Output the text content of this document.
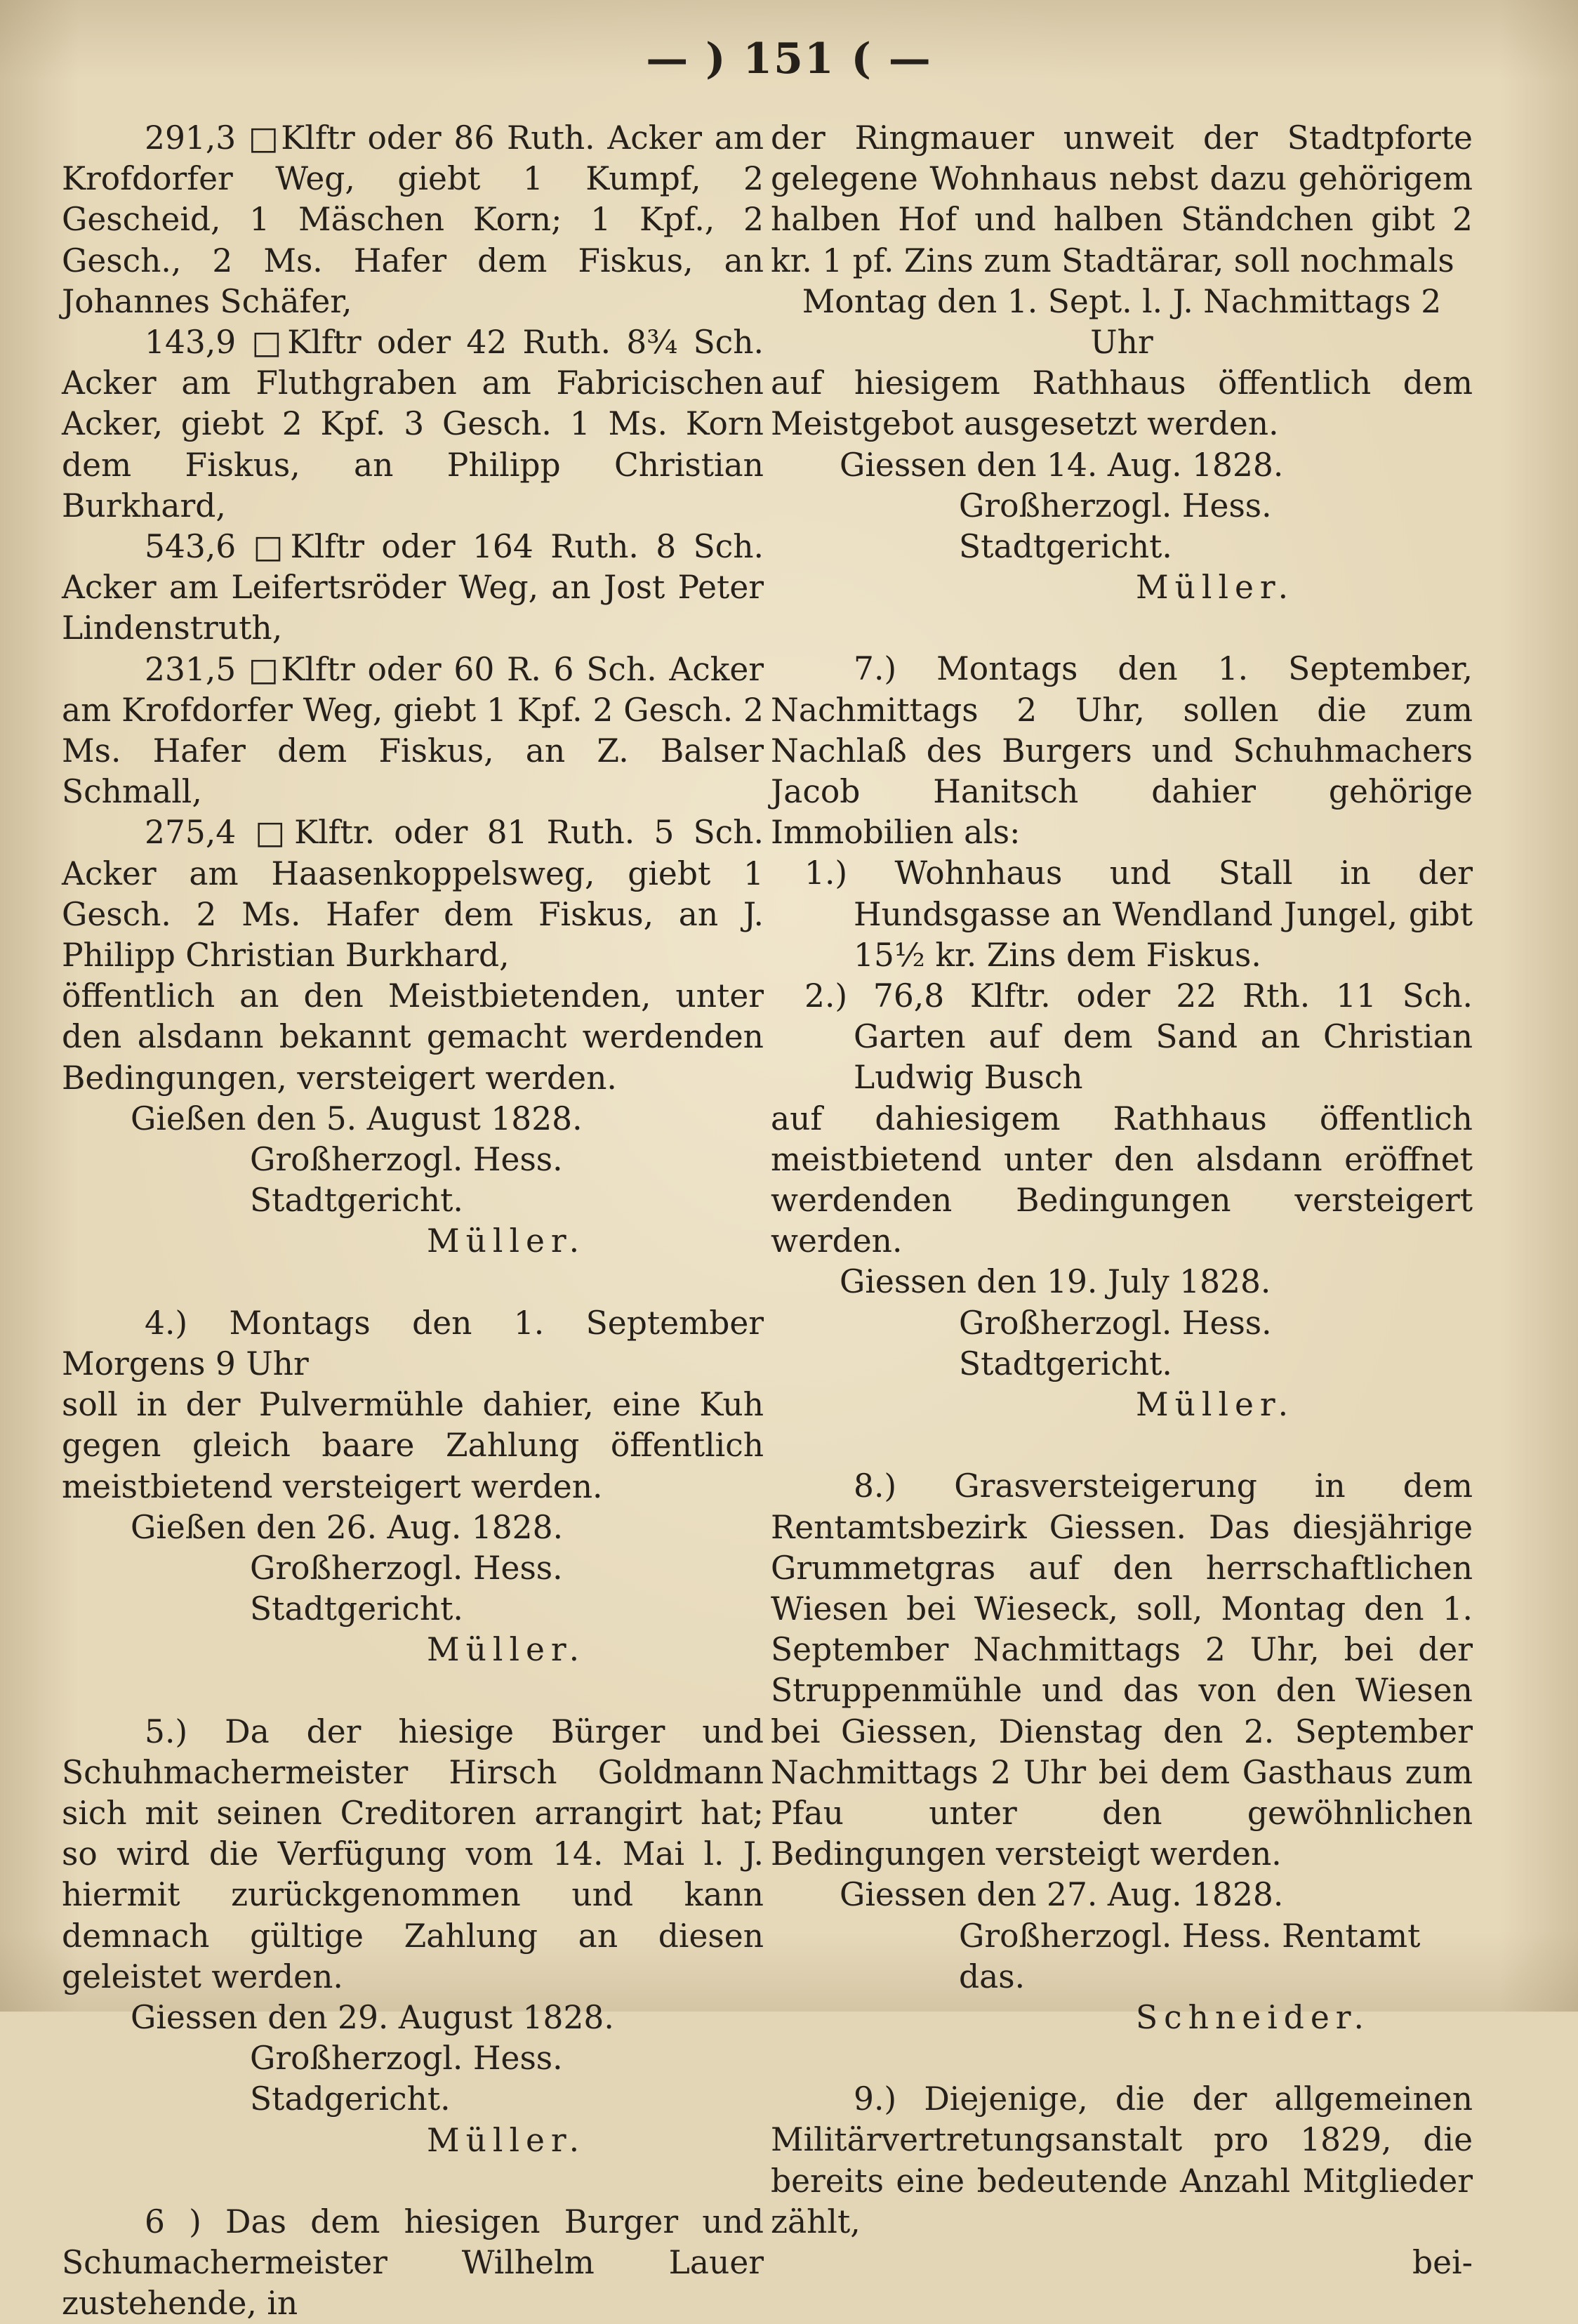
— ) 151 ( —

291,3 □Klftr oder 86 Ruth. Acker am Krofdorfer Weg, giebt 1 Kumpf, 2 Gescheid, 1 Mäschen Korn; 1 Kpf., 2 Gesch., 2 Ms. Hafer dem Fiskus, an Johannes Schäfer,

143,9 □Klftr oder 42 Ruth. 8¾ Sch. Acker am Fluthgraben am Fabricischen Acker, giebt 2 Kpf. 3 Gesch. 1 Ms. Korn dem Fiskus, an Philipp Christian Burkhard,

543,6 □Klftr oder 164 Ruth. 8 Sch. Acker am Leifertsröder Weg, an Jost Peter Lindenstruth,

231,5 □Klftr oder 60 R. 6 Sch. Acker am Krofdorfer Weg, giebt 1 Kpf. 2 Gesch. 2 Ms. Hafer dem Fiskus, an Z. Balser Schmall,

275,4 □Klftr. oder 81 Ruth. 5 Sch. Acker am Haasenkoppelsweg, giebt 1 Gesch. 2 Ms. Hafer dem Fiskus, an J. Philipp Christian Burkhard,

öffentlich an den Meistbietenden, unter den alsdann bekannt gemacht werdenden Bedingungen, versteigert werden.

Gießen den 5. August 1828.

Großherzogl. Hess. Stadtgericht.

Müller.

4.) Montags den 1. September Morgens 9 Uhr

soll in der Pulvermühle dahier, eine Kuh gegen gleich baare Zahlung öffentlich meistbietend versteigert werden.

Gießen den 26. Aug. 1828.

Großherzogl. Hess. Stadtgericht.

Müller.

5.) Da der hiesige Bürger und Schuhmachermeister Hirsch Goldmann sich mit seinen Creditoren arrangirt hat; so wird die Verfügung vom 14. Mai l. J. hiermit zurückgenommen und kann demnach gültige Zahlung an diesen geleistet werden.

Giessen den 29. August 1828.

Großherzogl. Hess. Stadgericht.

Müller.

6 ) Das dem hiesigen Burger und Schumachermeister Wilhelm Lauer zustehende, in

der Ringmauer unweit der Stadtpforte gelegene Wohnhaus nebst dazu gehörigem halben Hof und halben Ständchen gibt 2 kr. 1 pf. Zins zum Stadtärar, soll nochmals

Montag den 1. Sept. l. J. Nachmittags 2 Uhr

auf hiesigem Rathhaus öffentlich dem Meistgebot ausgesetzt werden.

Giessen den 14. Aug. 1828.

Großherzogl. Hess. Stadtgericht.

Müller.

7.) Montags den 1. September, Nachmittags 2 Uhr, sollen die zum Nachlaß des Burgers und Schuhmachers Jacob Hanitsch dahier gehörige Immobilien als:

1.) Wohnhaus und Stall in der Hundsgasse an Wendland Jungel, gibt 15½ kr. Zins dem Fiskus.

2.) 76,8 Klftr. oder 22 Rth. 11 Sch. Garten auf dem Sand an Christian Ludwig Busch

auf dahiesigem Rathhaus öffentlich meistbietend unter den alsdann eröffnet werdenden Bedingungen versteigert werden.

Giessen den 19. July 1828.

Großherzogl. Hess. Stadtgericht.

Müller.

8.) Grasversteigerung in dem Rentamtsbezirk Giessen. Das diesjährige Grummetgras auf den herrschaftlichen Wiesen bei Wieseck, soll, Montag den 1. September Nachmittags 2 Uhr, bei der Struppenmühle und das von den Wiesen bei Giessen, Dienstag den 2. September Nachmittags 2 Uhr bei dem Gasthaus zum Pfau unter den gewöhnlichen Bedingungen versteigt werden.

Giessen den 27. Aug. 1828.

Großherzogl. Hess. Rentamt das.

Schneider.

9.) Diejenige, die der allgemeinen Militärvertretungsanstalt pro 1829, die bereits eine bedeutende Anzahl Mitglieder zählt,

bei-
